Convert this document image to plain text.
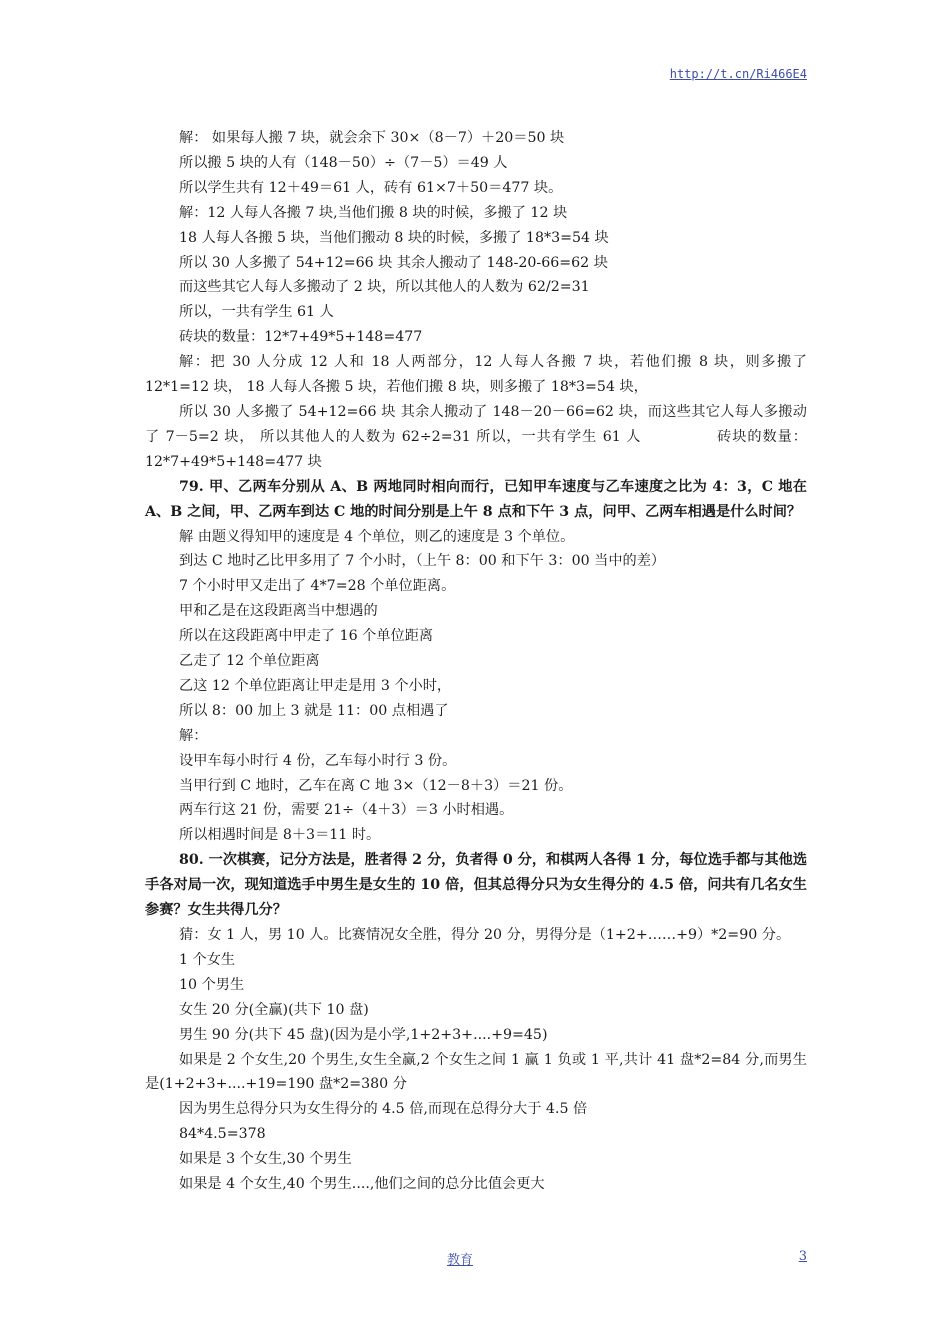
http://t.cn/Ri466E4

解： 如果每人搬 7 块，就会余下 30×（8－7）＋20＝50 块

所以搬 5 块的人有（148－50）÷（7－5）＝49 人

所以学生共有 12＋49＝61 人，砖有 61×7＋50＝477 块。

解：12 人每人各搬 7 块,当他们搬 8 块的时候，多搬了 12 块

18 人每人各搬 5 块，当他们搬动 8 块的时候，多搬了 18*3=54 块

所以 30 人多搬了 54+12=66 块 其余人搬动了 148-20-66=62 块

而这些其它人每人多搬动了 2 块，所以其他人的人数为 62/2=31

所以，一共有学生 61 人

砖块的数量：12*7+49*5+148=477

解：把 30 人分成 12 人和 18 人两部分，12 人每人各搬 7 块，若他们搬 8 块，则多搬了 12*1=12 块， 18 人每人各搬 5 块，若他们搬 8 块，则多搬了 18*3=54 块，

所以 30 人多搬了 54+12=66 块 其余人搬动了 148－20－66=62 块，而这些其它人每人多搬动了 7－5=2 块， 所以其他人的人数为 62÷2=31 所以，一共有学生 61 人　　　　　砖块的数量：12*7+49*5+148=477 块

79. 甲、乙两车分别从 A、B 两地同时相向而行，已知甲车速度与乙车速度之比为 4：3，C 地在 A、B 之间，甲、乙两车到达 C 地的时间分别是上午 8 点和下午 3 点，问甲、乙两车相遇是什么时间？

解 由题义得知甲的速度是 4 个单位，则乙的速度是 3 个单位。

到达 C 地时乙比甲多用了 7 个小时，（上午 8：00 和下午 3：00 当中的差）

7 个小时甲又走出了 4*7=28 个单位距离。

甲和乙是在这段距离当中想遇的

所以在这段距离中甲走了 16 个单位距离

乙走了 12 个单位距离

乙这 12 个单位距离让甲走是用 3 个小时，

所以 8：00 加上 3 就是 11：00 点相遇了

解：

设甲车每小时行 4 份，乙车每小时行 3 份。

当甲行到 C 地时，乙车在离 C 地 3×（12－8＋3）＝21 份。

两车行这 21 份，需要 21÷（4＋3）＝3 小时相遇。

所以相遇时间是 8＋3＝11 时。

80. 一次棋赛，记分方法是，胜者得 2 分，负者得 0 分，和棋两人各得 1 分，每位选手都与其他选手各对局一次，现知道选手中男生是女生的 10 倍，但其总得分只为女生得分的 4.5 倍，问共有几名女生参赛？女生共得几分？

猜：女 1 人，男 10 人。比赛情况女全胜，得分 20 分，男得分是（1+2+……+9）*2=90 分。

1 个女生

10 个男生

女生 20 分(全赢)(共下 10 盘)

男生 90 分(共下 45 盘)(因为是小学,1+2+3+....+9=45)

如果是 2 个女生,20 个男生,女生全赢,2 个女生之间 1 赢 1 负或 1 平,共计 41 盘*2=84 分,而男生是(1+2+3+....+19=190 盘*2=380 分

因为男生总得分只为女生得分的 4.5 倍,而现在总得分大于 4.5 倍

84*4.5=378

如果是 3 个女生,30 个男生

如果是 4 个女生,40 个男生....,他们之间的总分比值会更大

教育	3
